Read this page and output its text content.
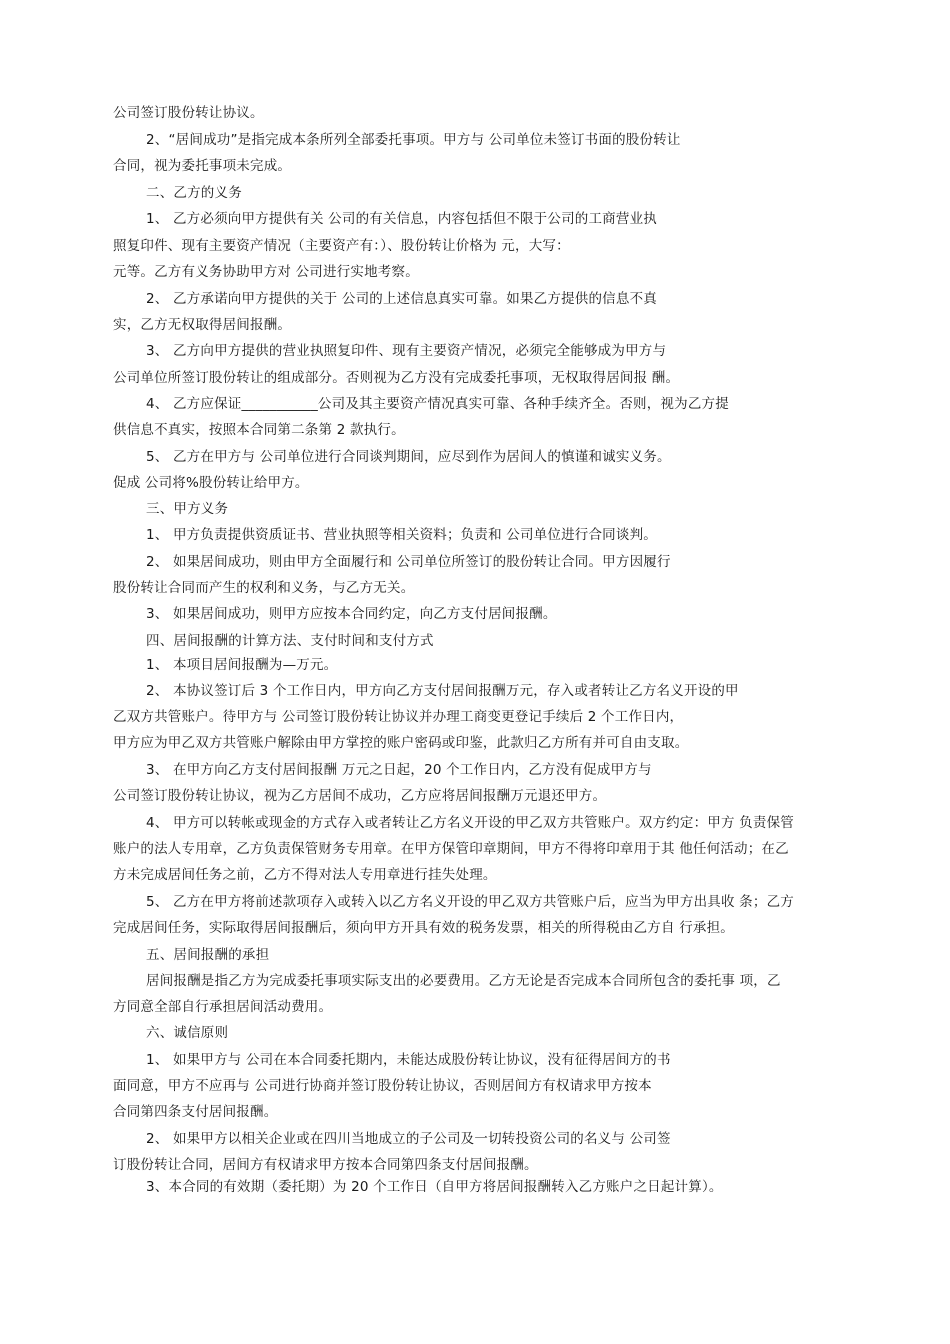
公司签订股份转让协议。
2、“居间成功”是指完成本条所列全部委托事项。甲方与 公司单位未签订书面的股份转让
合同，视为委托事项未完成。
二、乙方的义务
1、 乙方必须向甲方提供有关 公司的有关信息，内容包括但不限于公司的工商营业执
照复印件、现有主要资产情况（主要资产有：）、股份转让价格为 元，大写：
元等。乙方有义务协助甲方对 公司进行实地考察。
2、 乙方承诺向甲方提供的关于 公司的上述信息真实可靠。如果乙方提供的信息不真
实，乙方无权取得居间报酬。
3、 乙方向甲方提供的营业执照复印件、现有主要资产情况，必须完全能够成为甲方与
公司单位所签订股份转让的组成部分。否则视为乙方没有完成委托事项，无权取得居间报 酬。
4、 乙方应保证___________公司及其主要资产情况真实可靠、各种手续齐全。否则，视为乙方提
供信息不真实，按照本合同第二条第 2 款执行。
5、 乙方在甲方与 公司单位进行合同谈判期间，应尽到作为居间人的慎谨和诚实义务。
促成 公司将%股份转让给甲方。
三、甲方义务
1、 甲方负责提供资质证书、营业执照等相关资料；负责和 公司单位进行合同谈判。
2、 如果居间成功，则由甲方全面履行和 公司单位所签订的股份转让合同。甲方因履行
股份转让合同而产生的权利和义务，与乙方无关。
3、 如果居间成功，则甲方应按本合同约定，向乙方支付居间报酬。
四、居间报酬的计算方法、支付时间和支付方式
1、 本项目居间报酬为—万元。
2、 本协议签订后 3 个工作日内，甲方向乙方支付居间报酬万元，存入或者转让乙方名义开设的甲
乙双方共管账户。待甲方与 公司签订股份转让协议并办理工商变更登记手续后 2 个工作日内，
甲方应为甲乙双方共管账户解除由甲方掌控的账户密码或印鉴，此款归乙方所有并可自由支取。
3、 在甲方向乙方支付居间报酬 万元之日起，20 个工作日内，乙方没有促成甲方与
公司签订股份转让协议，视为乙方居间不成功，乙方应将居间报酬万元退还甲方。
4、 甲方可以转帐或现金的方式存入或者转让乙方名义开设的甲乙双方共管账户。双方约定：甲方 负责保管
账户的法人专用章，乙方负责保管财务专用章。在甲方保管印章期间，甲方不得将印章用于其 他任何活动；在乙
方未完成居间任务之前，乙方不得对法人专用章进行挂失处理。
5、 乙方在甲方将前述款项存入或转入以乙方名义开设的甲乙双方共管账户后，应当为甲方出具收 条；乙方
完成居间任务，实际取得居间报酬后，须向甲方开具有效的税务发票，相关的所得税由乙方自 行承担。
五、居间报酬的承担
居间报酬是指乙方为完成委托事项实际支出的必要费用。乙方无论是否完成本合同所包含的委托事 项，乙
方同意全部自行承担居间活动费用。
六、诚信原则
1、 如果甲方与 公司在本合同委托期内，未能达成股份转让协议，没有征得居间方的书
面同意，甲方不应再与 公司进行协商并签订股份转让协议，否则居间方有权请求甲方按本
合同第四条支付居间报酬。
2、 如果甲方以相关企业或在四川当地成立的子公司及一切转投资公司的名义与 公司签
订股份转让合同，居间方有权请求甲方按本合同第四条支付居间报酬。
3、本合同的有效期（委托期）为 20 个工作日（自甲方将居间报酬转入乙方账户之日起计算）。
